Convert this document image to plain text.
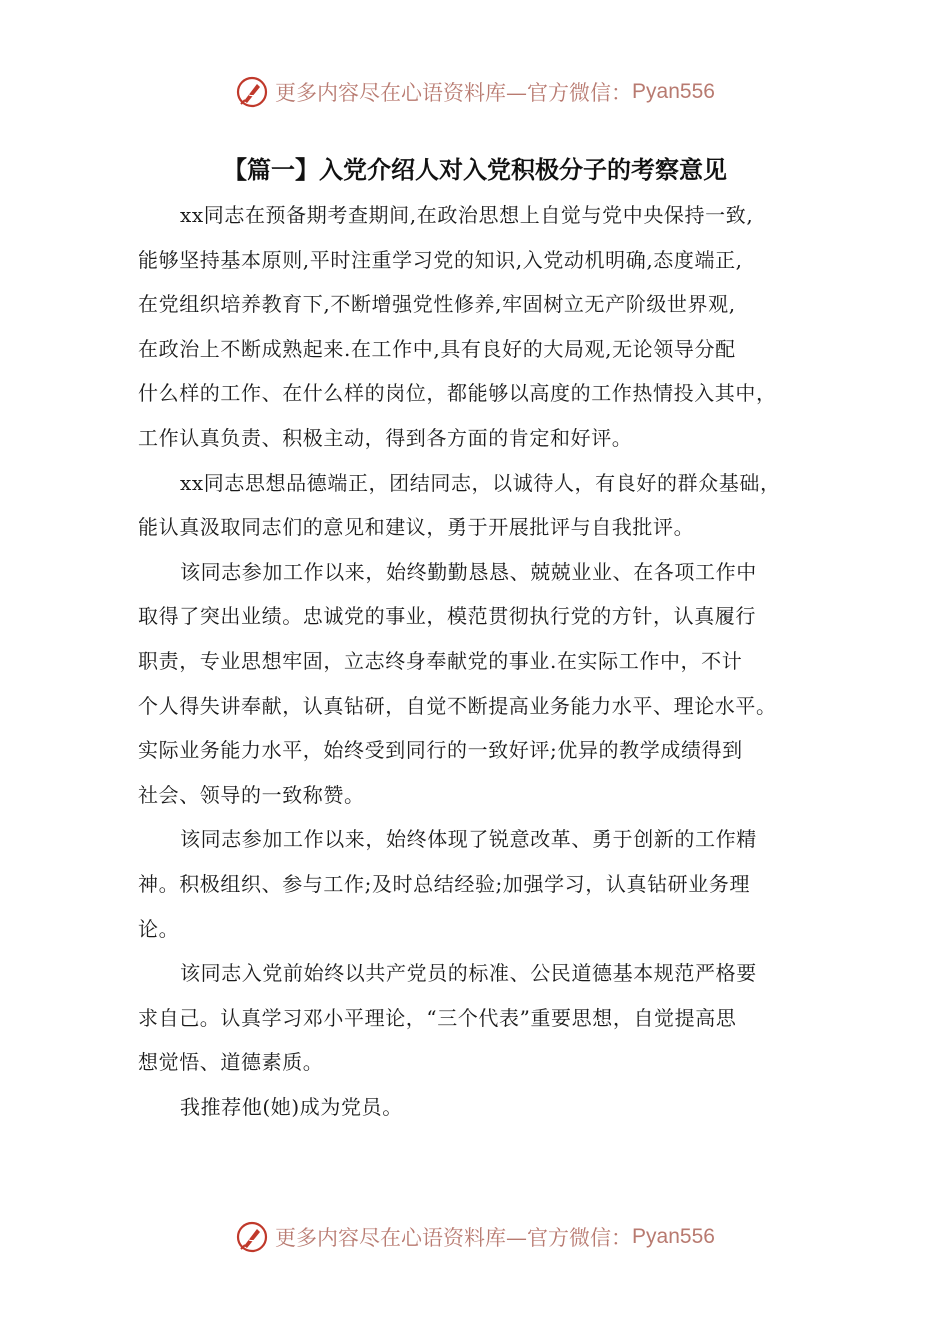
更多内容尽在心语资料库—官方微信： Pyan556
【篇一】入党介绍人对入党积极分子的考察意见
xx同志在预备期考查期间,在政治思想上自觉与党中央保持一致,
能够坚持基本原则,平时注重学习党的知识,入党动机明确,态度端正,
在党组织培养教育下,不断增强党性修养,牢固树立无产阶级世界观,
在政治上不断成熟起来.在工作中,具有良好的大局观,无论领导分配
什么样的工作、在什么样的岗位，都能够以高度的工作热情投入其中，
工作认真负责、积极主动，得到各方面的肯定和好评。
xx同志思想品德端正，团结同志，以诚待人，有良好的群众基础，
能认真汲取同志们的意见和建议，勇于开展批评与自我批评。
该同志参加工作以来，始终勤勤恳恳、兢兢业业、在各项工作中
取得了突出业绩。忠诚党的事业，模范贯彻执行党的方针，认真履行
职责，专业思想牢固，立志终身奉献党的事业.在实际工作中，不计
个人得失讲奉献，认真钻研，自觉不断提高业务能力水平、理论水平。
实际业务能力水平，始终受到同行的一致好评;优异的教学成绩得到
社会、领导的一致称赞。
该同志参加工作以来，始终体现了锐意改革、勇于创新的工作精
神。积极组织、参与工作;及时总结经验;加强学习，认真钻研业务理
论。
该同志入党前始终以共产党员的标准、公民道德基本规范严格要
求自己。认真学习邓小平理论，“三个代表”重要思想，自觉提高思
想觉悟、道德素质。
我推荐他(她)成为党员。
更多内容尽在心语资料库—官方微信： Pyan556
